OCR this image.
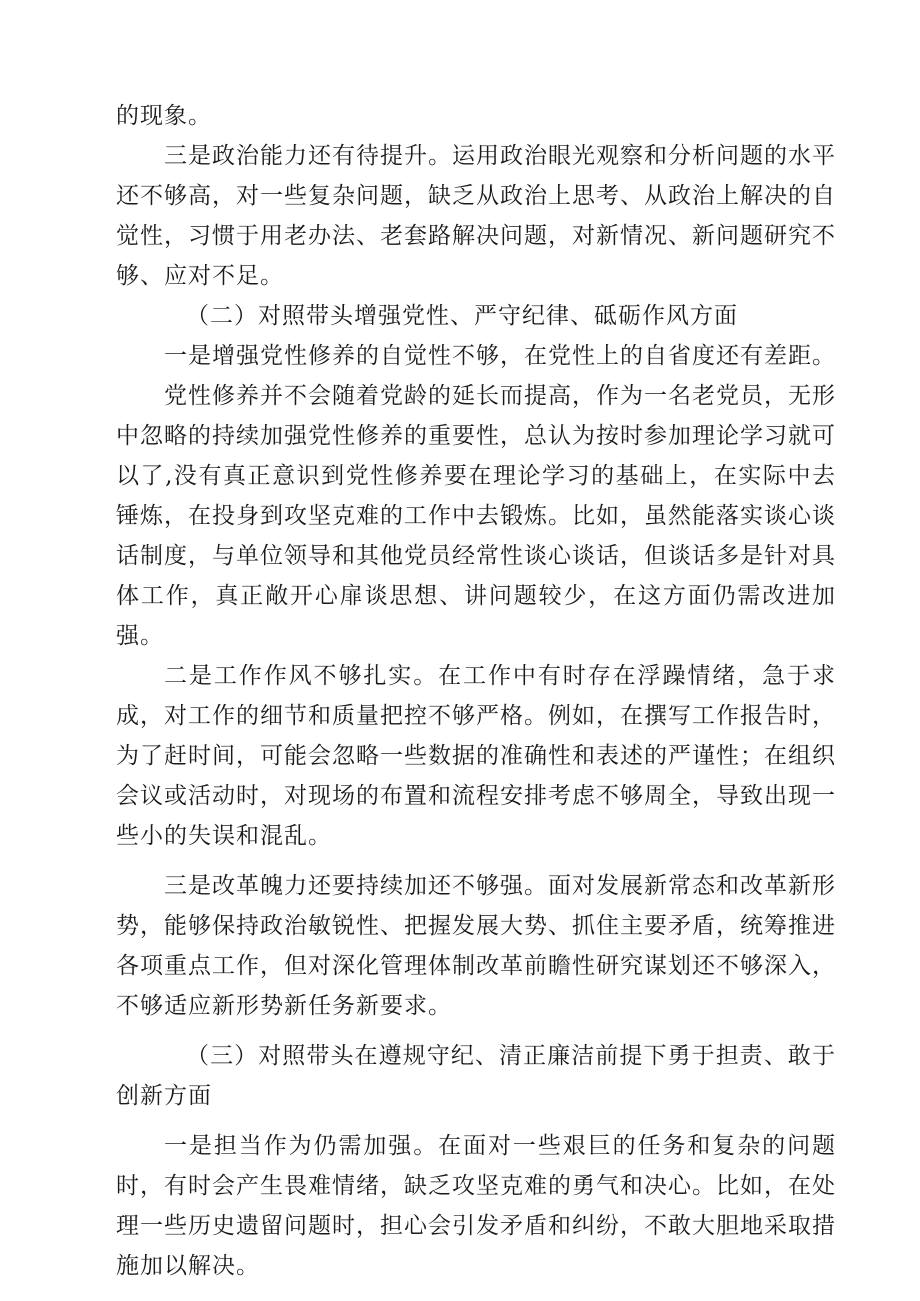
的现象。

三是政治能力还有待提升。运用政治眼光观察和分析问题的水平还不够高，对一些复杂问题，缺乏从政治上思考、从政治上解决的自觉性，习惯于用老办法、老套路解决问题，对新情况、新问题研究不够、应对不足。

（二）对照带头增强党性、严守纪律、砥砺作风方面

一是增强党性修养的自觉性不够，在党性上的自省度还有差距。

党性修养并不会随着党龄的延长而提高，作为一名老党员，无形中忽略的持续加强党性修养的重要性，总认为按时参加理论学习就可以了,没有真正意识到党性修养要在理论学习的基础上，在实际中去锤炼，在投身到攻坚克难的工作中去锻炼。比如，虽然能落实谈心谈话制度，与单位领导和其他党员经常性谈心谈话，但谈话多是针对具体工作，真正敞开心扉谈思想、讲问题较少，在这方面仍需改进加强。

二是工作作风不够扎实。在工作中有时存在浮躁情绪，急于求成，对工作的细节和质量把控不够严格。例如，在撰写工作报告时，为了赶时间，可能会忽略一些数据的准确性和表述的严谨性；在组织会议或活动时，对现场的布置和流程安排考虑不够周全，导致出现一些小的失误和混乱。

三是改革魄力还要持续加还不够强。面对发展新常态和改革新形势，能够保持政治敏锐性、把握发展大势、抓住主要矛盾，统筹推进各项重点工作，但对深化管理体制改革前瞻性研究谋划还不够深入，不够适应新形势新任务新要求。

（三）对照带头在遵规守纪、清正廉洁前提下勇于担责、敢于创新方面

一是担当作为仍需加强。在面对一些艰巨的任务和复杂的问题时，有时会产生畏难情绪，缺乏攻坚克难的勇气和决心。比如，在处理一些历史遗留问题时，担心会引发矛盾和纠纷，不敢大胆地采取措施加以解决。
